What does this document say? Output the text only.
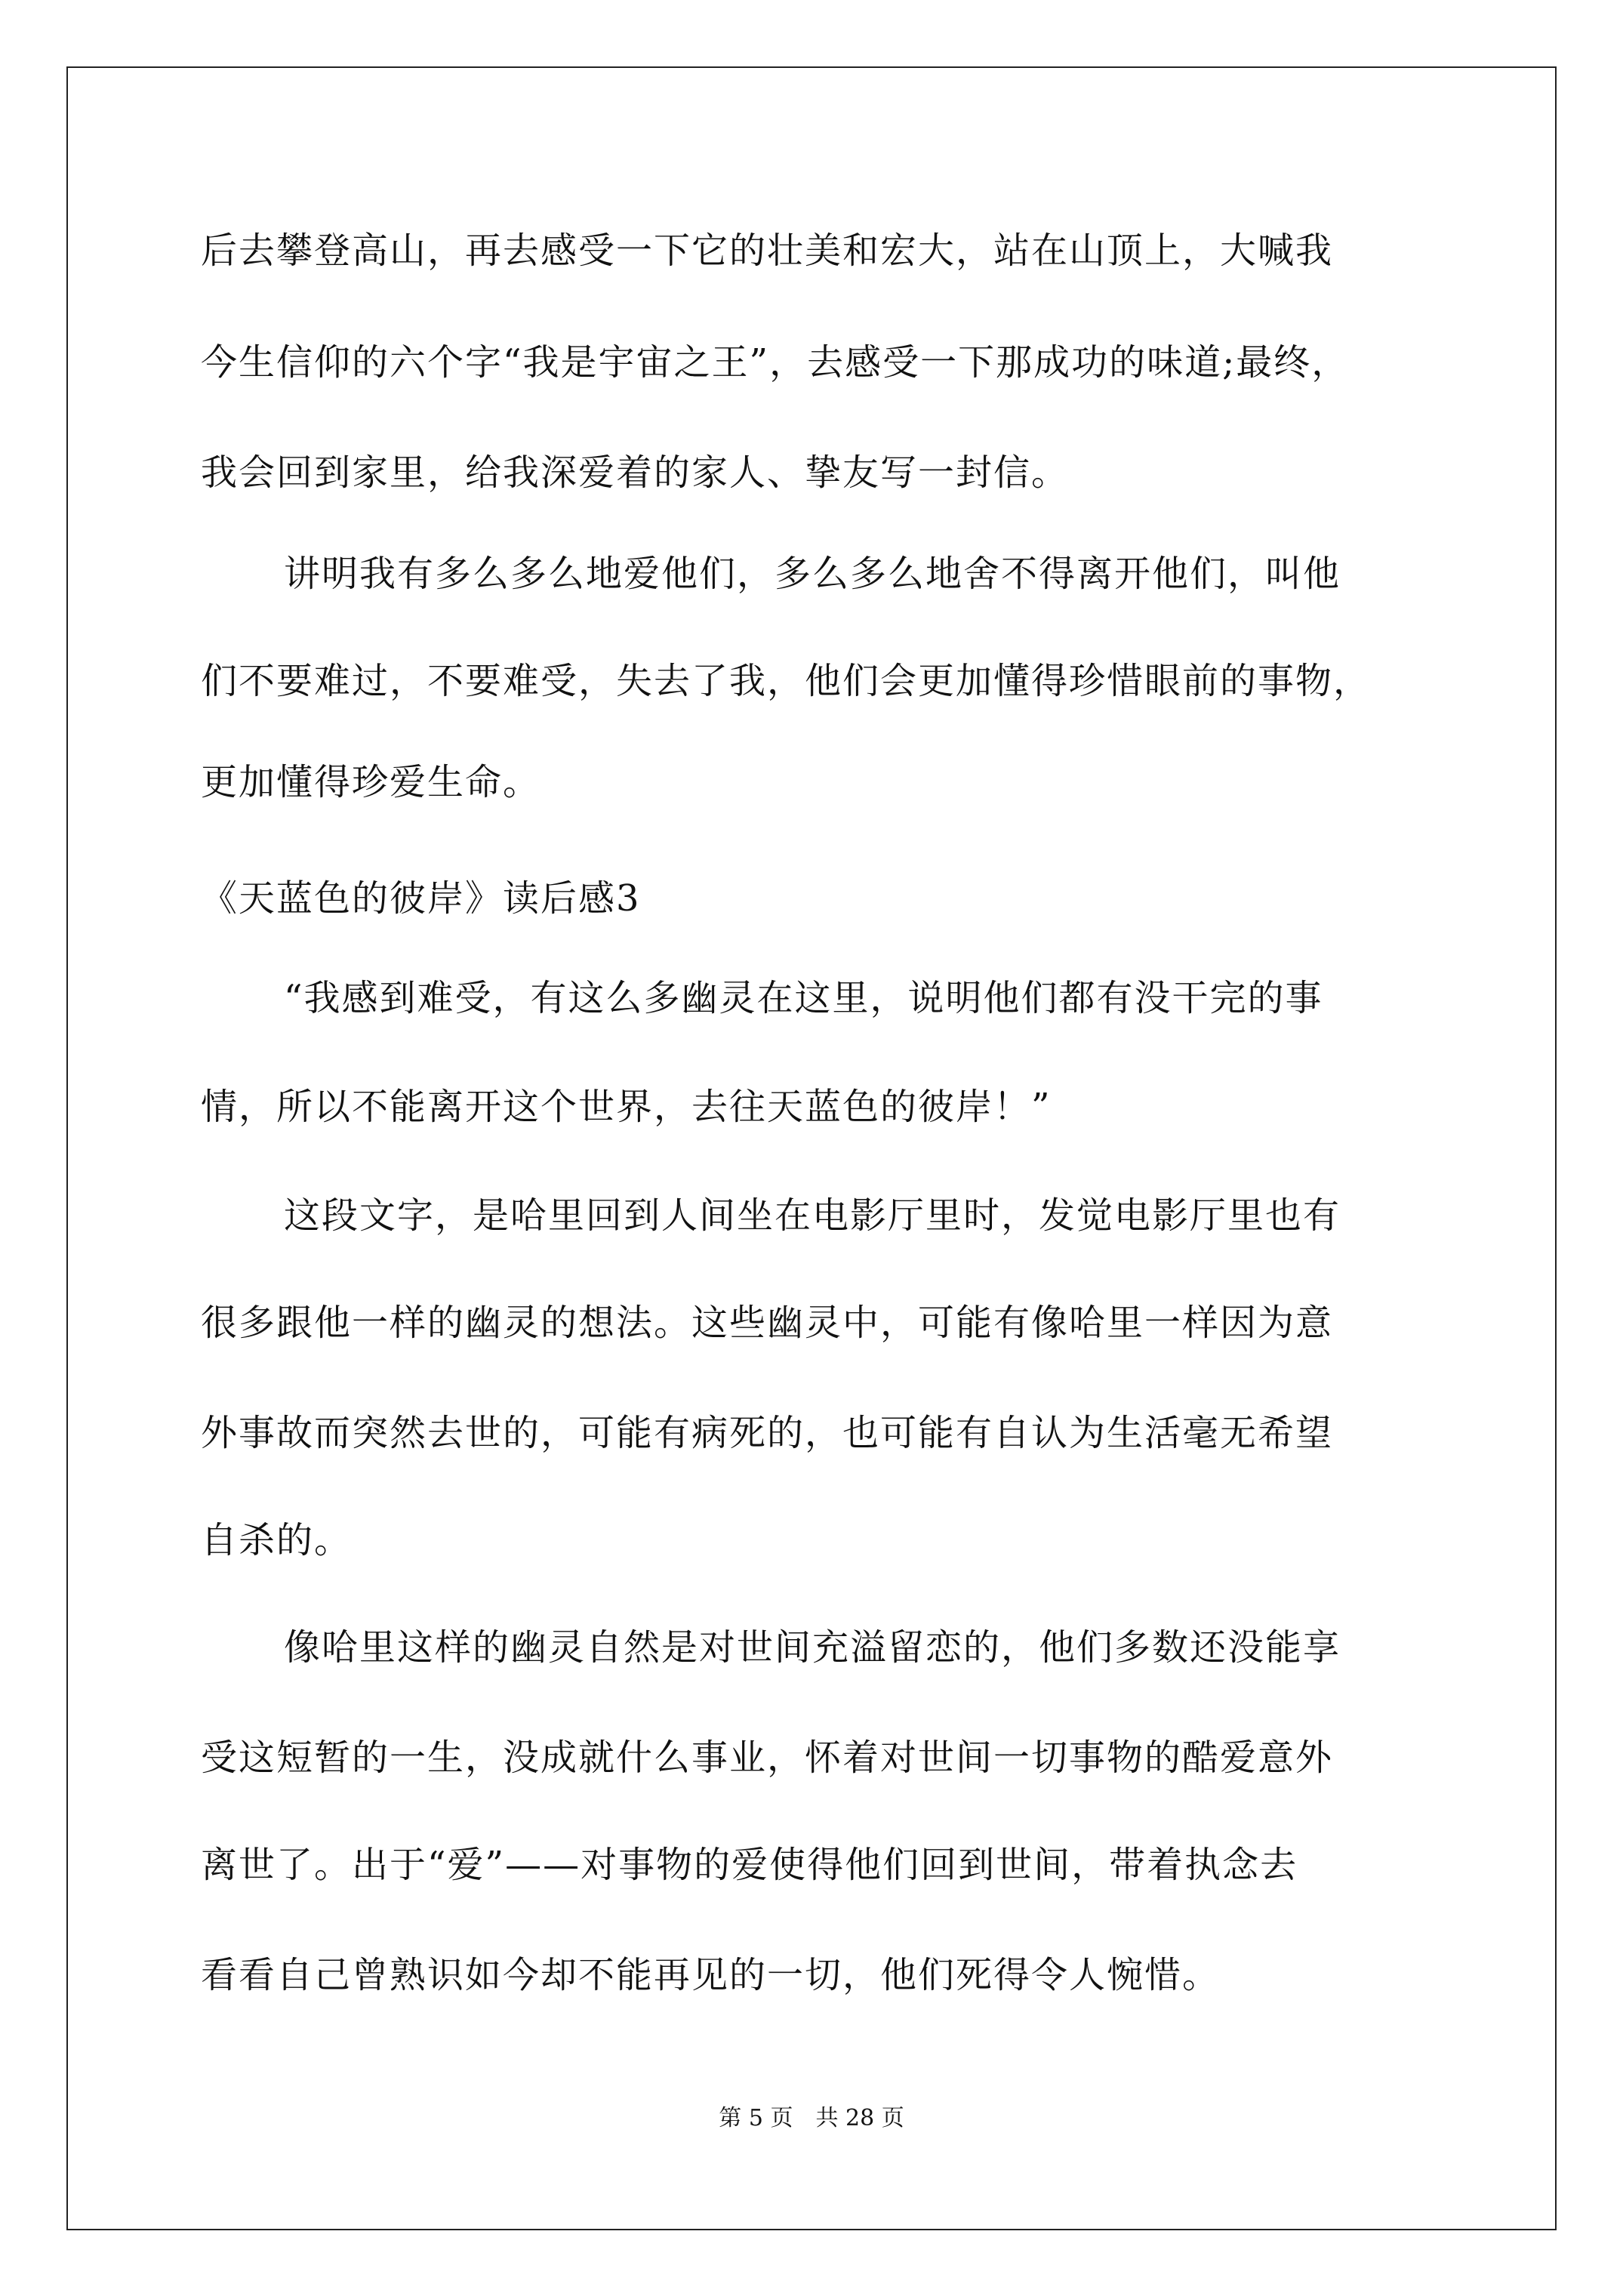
后去攀登高山，再去感受一下它的壮美和宏大，站在山顶上，大喊我
今生信仰的六个字“我是宇宙之王”，去感受一下那成功的味道;最终，
我会回到家里，给我深爱着的家人、挚友写一封信。
讲明我有多么多么地爱他们，多么多么地舍不得离开他们，叫他
们不要难过，不要难受，失去了我，他们会更加懂得珍惜眼前的事物，
更加懂得珍爱生命。
《天蓝色的彼岸》读后感3
“我感到难受，有这么多幽灵在这里，说明他们都有没干完的事
情，所以不能离开这个世界，去往天蓝色的彼岸！”
这段文字，是哈里回到人间坐在电影厅里时，发觉电影厅里也有
很多跟他一样的幽灵的想法。这些幽灵中，可能有像哈里一样因为意
外事故而突然去世的，可能有病死的，也可能有自认为生活毫无希望
自杀的。
像哈里这样的幽灵自然是对世间充溢留恋的，他们多数还没能享
受这短暂的一生，没成就什么事业，怀着对世间一切事物的酷爱意外
离世了。出于“爱”——对事物的爱使得他们回到世间，带着执念去
看看自己曾熟识如今却不能再见的一切，他们死得令人惋惜。
第 5 页　共 28 页
